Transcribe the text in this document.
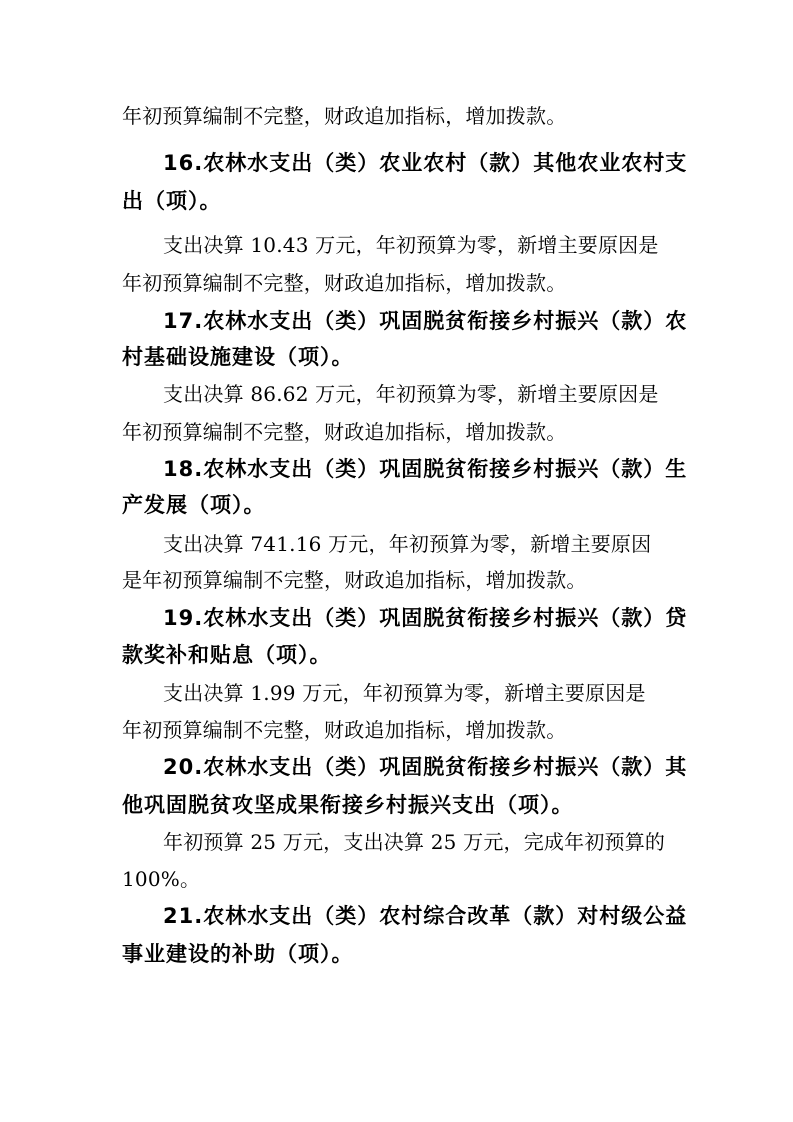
年初预算编制不完整，财政追加指标，增加拨款。
16.农林水支出（类）农业农村（款）其他农业农村支
出（项）。
支出决算 10.43 万元，年初预算为零，新增主要原因是
年初预算编制不完整，财政追加指标，增加拨款。
17.农林水支出（类）巩固脱贫衔接乡村振兴（款）农
村基础设施建设（项）。
支出决算 86.62 万元，年初预算为零，新增主要原因是
年初预算编制不完整，财政追加指标，增加拨款。
18.农林水支出（类）巩固脱贫衔接乡村振兴（款）生
产发展（项）。
支出决算 741.16 万元，年初预算为零，新增主要原因
是年初预算编制不完整，财政追加指标，增加拨款。
19.农林水支出（类）巩固脱贫衔接乡村振兴（款）贷
款奖补和贴息（项）。
支出决算 1.99 万元，年初预算为零，新增主要原因是
年初预算编制不完整，财政追加指标，增加拨款。
20.农林水支出（类）巩固脱贫衔接乡村振兴（款）其
他巩固脱贫攻坚成果衔接乡村振兴支出（项）。
年初预算 25 万元，支出决算 25 万元，完成年初预算的
100%。
21.农林水支出（类）农村综合改革（款）对村级公益
事业建设的补助（项）。
